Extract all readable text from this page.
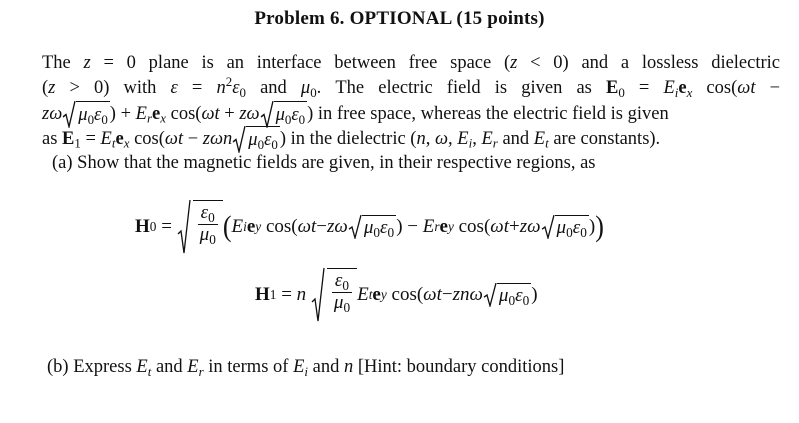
Problem 6. OPTIONAL (15 points)
The z = 0 plane is an interface between free space (z < 0) and a lossless dielectric
(z > 0) with $\varepsilon = n^2\varepsilon_0$ and $\mu_0$. The electric field is given as $E_0 = E_ie_x$ cos(ωt −
zω $\mu_0\varepsilon_0$ ) + $E_re_x$ cos(ωt + zω $\mu_0\varepsilon_0$ ) in free space, whereas the electric field is given
as $E_1 = E_te_x$ cos(ωt − zωn $\mu_0\varepsilon_0$ ) in the dielectric (n, ω, $E_i$, $E_r$ and $E_t$ are constants).
(a) Show that the magnetic fields are given, in their respective regions, as
H $0 = \frac{\varepsilon_0}{\mu_0}$ ( E i e y cos( ωt − zω $\mu_0\varepsilon_0$ ) − E r e y cos( ωt + zω $\mu_0\varepsilon_0$ ) )
H 1 = n
$\frac{\varepsilon_0}{\mu_0}$ E t e y cos( ωt − znω $\mu_0\varepsilon_0$ )
(b) Express $E_t$ and $E_r$ in terms of $E_i$ and n [Hint: boundary conditions]
